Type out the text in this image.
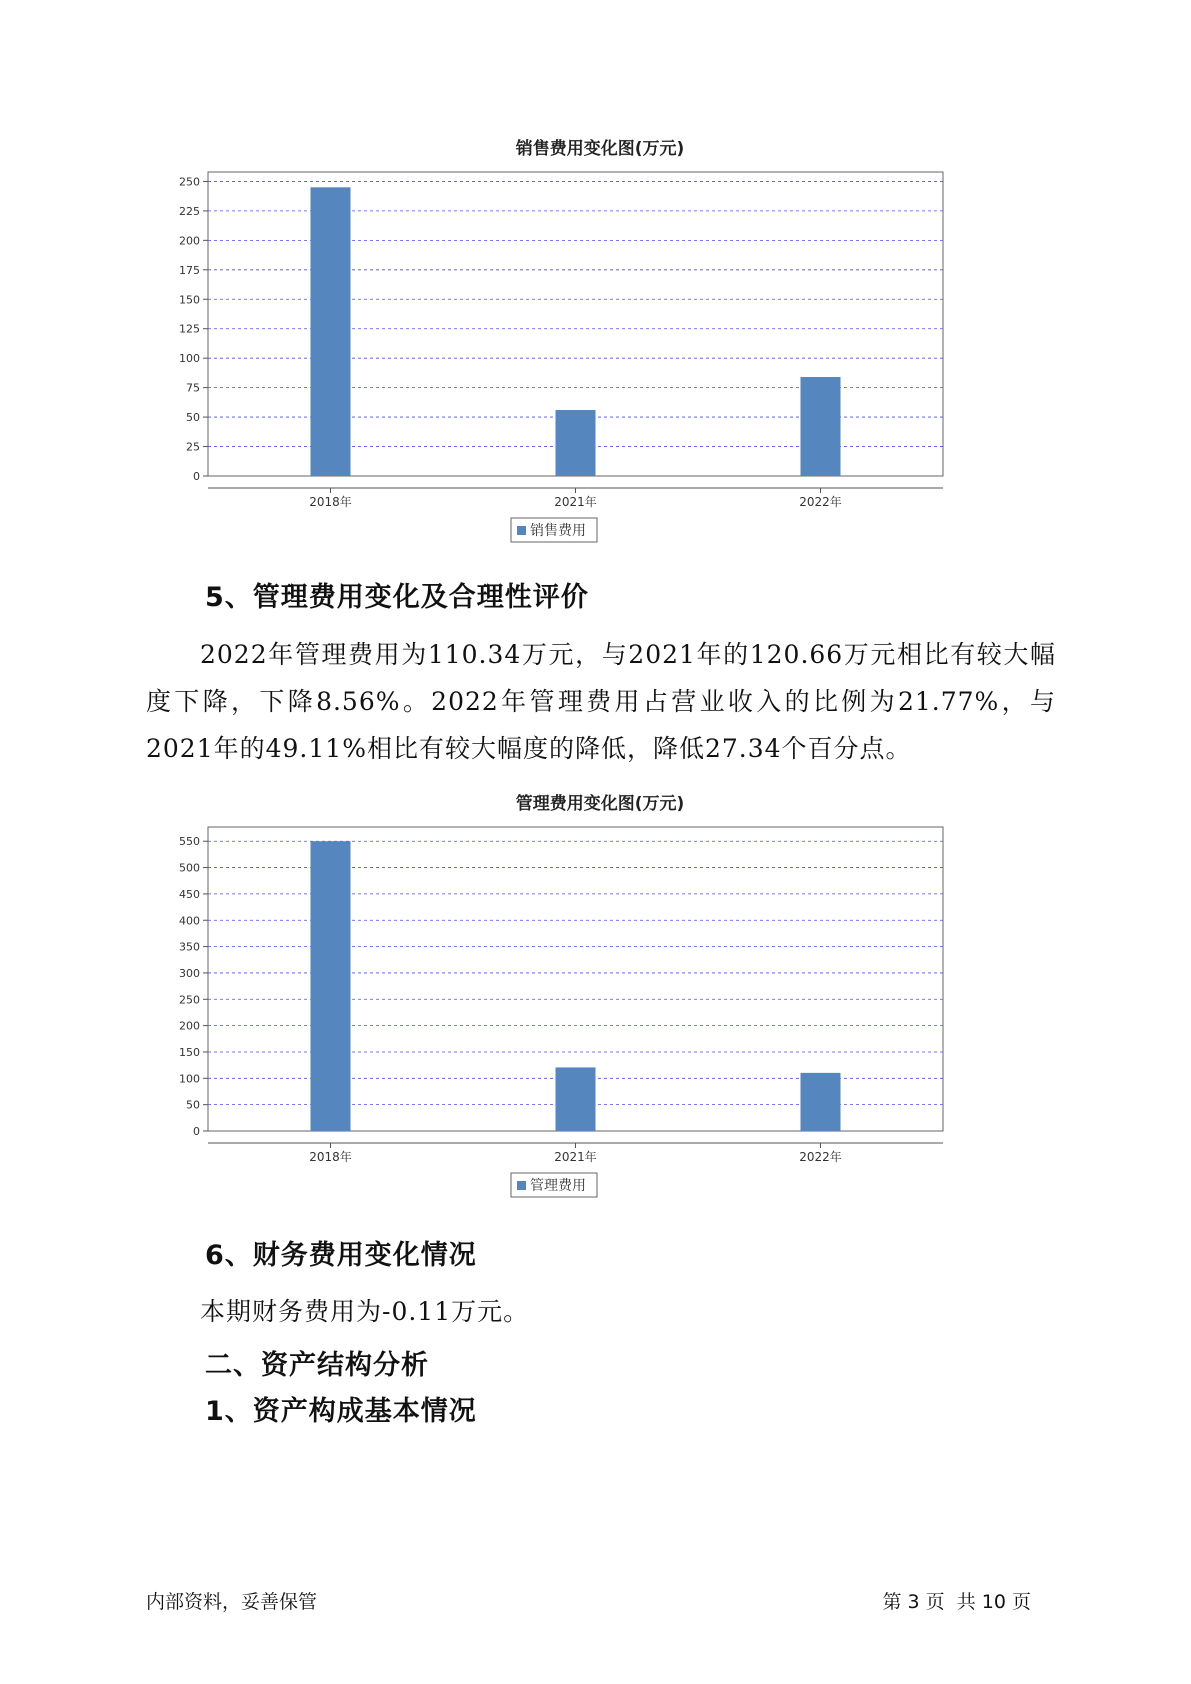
销售费用变化图(万元)
0
25
50
75
100
125
150
175
200
225
250
2018年	2021年	2022年
销售费用
5、管理费用变化及合理性评价

2022年管理费用为110.34万元，与2021年的120.66万元相比有较大幅度下降，下降8.56%。2022年管理费用占营业收入的比例为21.77%，与2021年的49.11%相比有较大幅度的降低，降低27.34个百分点。

管理费用变化图(万元)
0
50
100
150
200
250
300
350
400
450
500
550
2018年	2021年	2022年
管理费用
6、财务费用变化情况
本期财务费用为-0.11万元。
二、资产结构分析
1、资产构成基本情况
内部资料，妥善保管	第 3 页  共 10 页
